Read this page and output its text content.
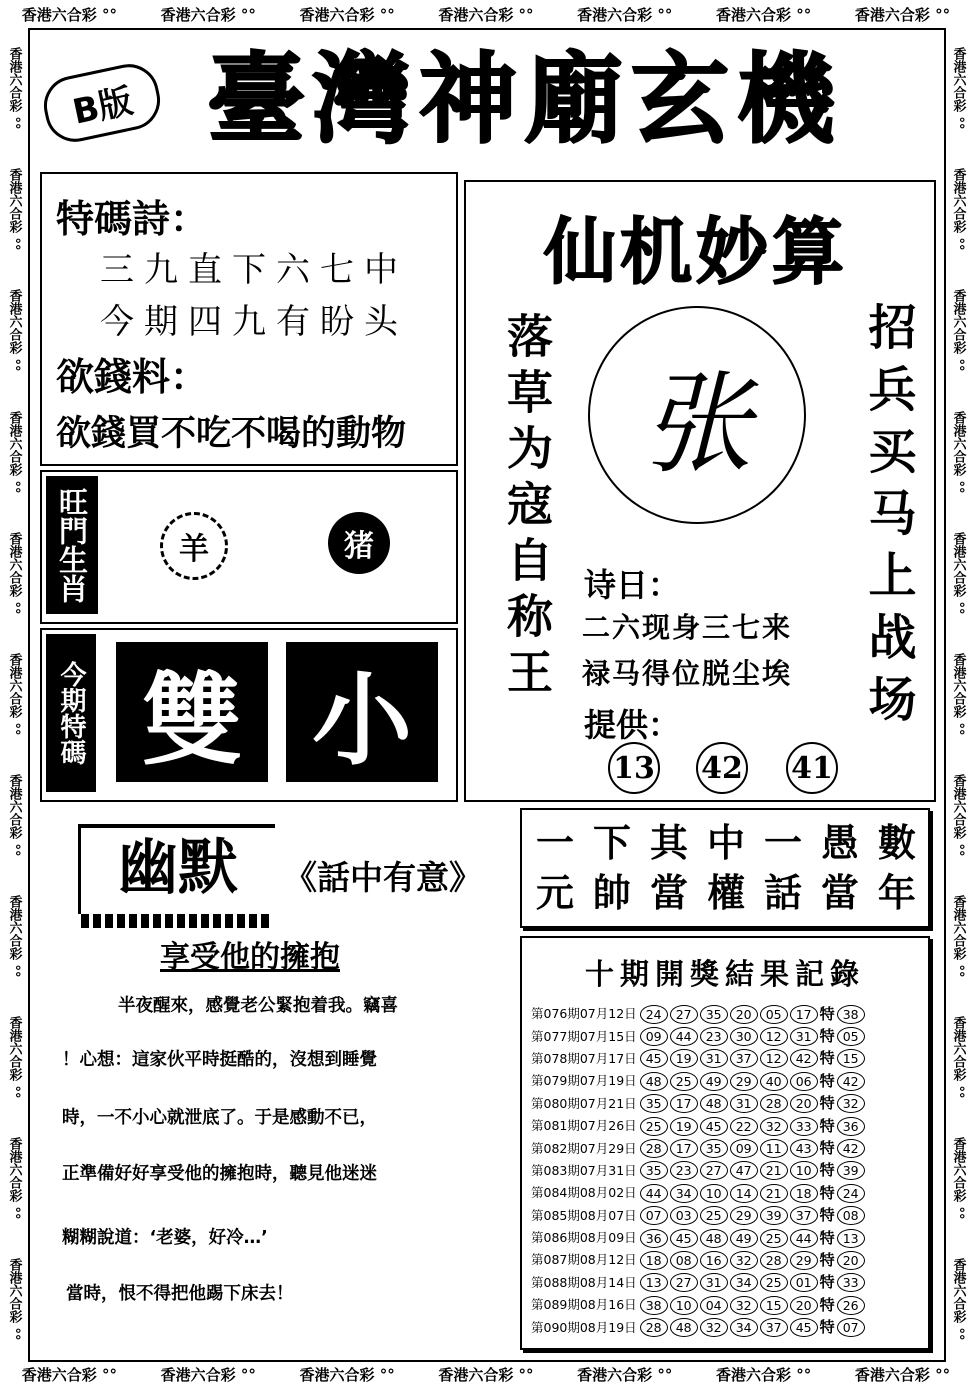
香港六合彩 °°	香港六合彩 °°	香港六合彩 °°	香港六合彩 °°	香港六合彩 °°	香港六合彩 °°	香港六合彩 °°
香港六合彩 °°	香港六合彩 °°	香港六合彩 °°	香港六合彩 °°	香港六合彩 °°	香港六合彩 °°	香港六合彩 °°
香港六合彩 °°
香港六合彩 °°
香港六合彩 °°
香港六合彩 °°
香港六合彩 °°
香港六合彩 °°
香港六合彩 °°
香港六合彩 °°
香港六合彩 °°
香港六合彩 °°
香港六合彩 °°
香港六合彩 °°
香港六合彩 °°
香港六合彩 °°
香港六合彩 °°
香港六合彩 °°
香港六合彩 °°
香港六合彩 °°
香港六合彩 °°
香港六合彩 °°
香港六合彩 °°
香港六合彩 °°
B版 臺灣神廟玄機
特碼詩：
三九直下六七中
今期四九有盼头
欲錢料：
欲錢買不吃不喝的動物
旺門生肖	羊	猪
今期特碼 雙 小
仙机妙算
落草为寇自称王	招兵买马上战场
张
诗日：
二六现身三七来
禄马得位脱尘埃
提供：
13 42 41
幽默	《話中有意》
享受他的擁抱
半夜醒來，感覺老公緊抱着我。竊喜
！心想：這家伙平時挺酷的，沒想到睡覺
時，一不小心就泄底了。于是感動不已，
正準備好好享受他的擁抱時，聽見他迷迷
糊糊說道：‘老婆，好冷…’
當時，恨不得把他踢下床去！
一
元
下
帥
其
當
中
權
一
話
愚
當
數
年
十期開獎結果記錄
第076期07月12日	24 27 35 20 05 17 特 38
第077期07月15日	09 44 23 30 12 31 特 05
第078期07月17日	45 19 31 37 12 42 特 15
第079期07月19日	48 25 49 29 40 06 特 42
第080期07月21日	35 17 48 31 28 20 特 32
第081期07月26日	25 19 45 22 32 33 特 36
第082期07月29日	28 17 35 09 11 43 特 42
第083期07月31日	35 23 27 47 21 10 特 39
第084期08月02日	44 34 10 14 21 18 特 24
第085期08月07日	07 03 25 29 39 37 特 08
第086期08月09日	36 45 48 49 25 44 特 13
第087期08月12日	18 08 16 32 28 29 特 20
第088期08月14日	13 27 31 34 25 01 特 33
第089期08月16日	38 10 04 32 15 20 特 26
第090期08月19日	28 48 32 34 37 45 特 07
